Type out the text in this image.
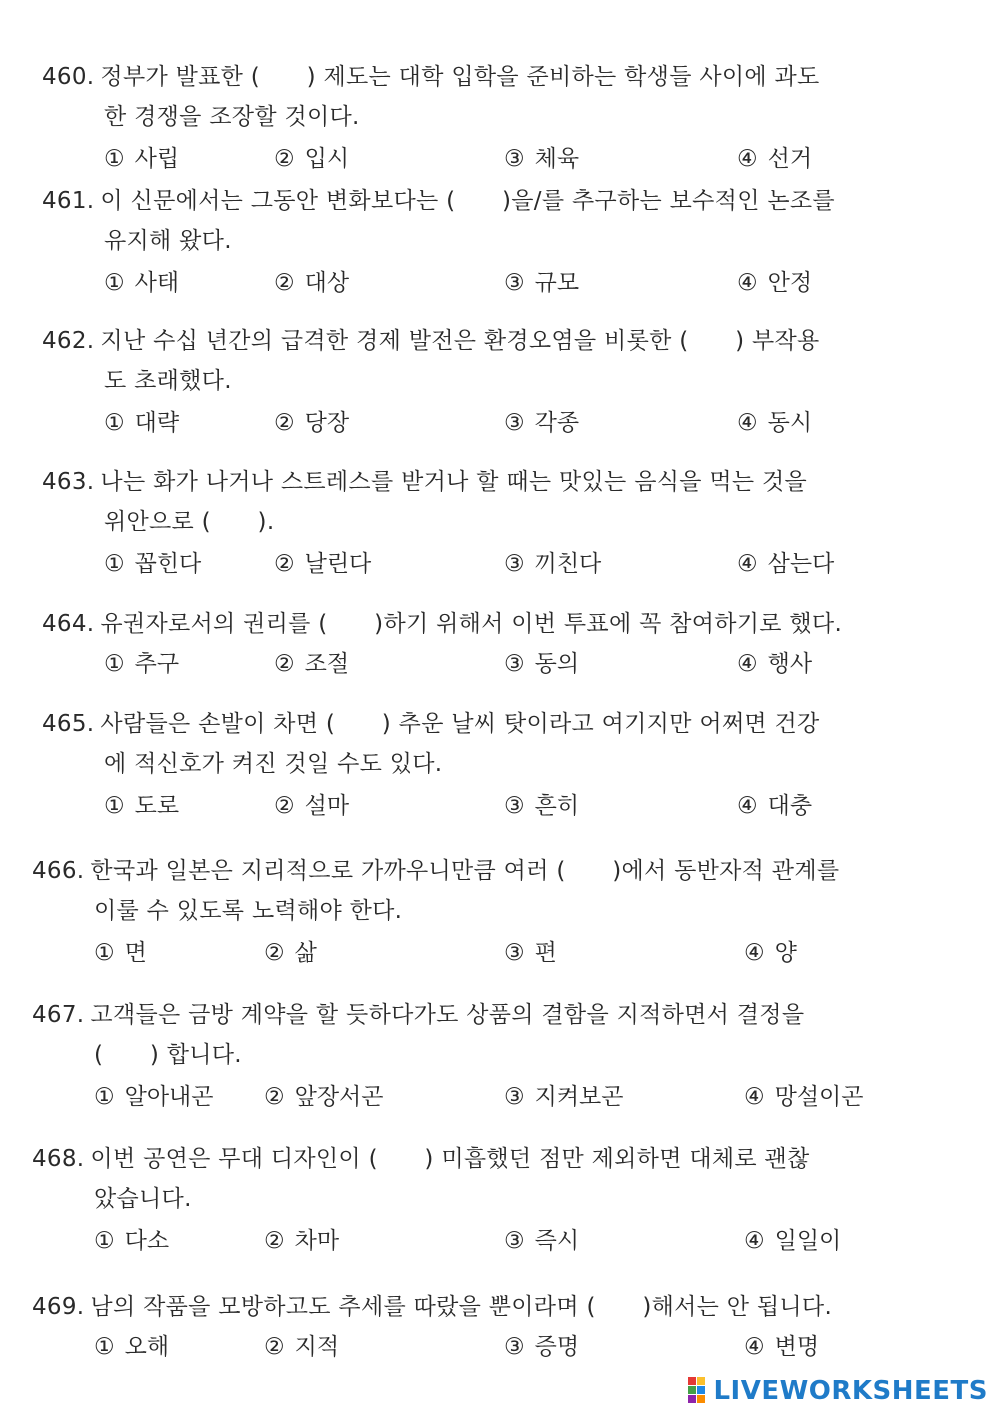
460. 정부가 발표한 (　　) 제도는 대학 입학을 준비하는 학생들 사이에 과도
한 경쟁을 조장할 것이다.
① 사립	② 입시	③ 체육	④ 선거
461. 이 신문에서는 그동안 변화보다는 (　　)을/를 추구하는 보수적인 논조를
유지해 왔다.
① 사태	② 대상	③ 규모	④ 안정
462. 지난 수십 년간의 급격한 경제 발전은 환경오염을 비롯한 (　　) 부작용
도 초래했다.
① 대략	② 당장	③ 각종	④ 동시
463. 나는 화가 나거나 스트레스를 받거나 할 때는 맛있는 음식을 먹는 것을
위안으로 (　　).
① 꼽힌다	② 날린다	③ 끼친다	④ 삼는다
464. 유권자로서의 권리를 (　　)하기 위해서 이번 투표에 꼭 참여하기로 했다.
① 추구	② 조절	③ 동의	④ 행사
465. 사람들은 손발이 차면 (　　) 추운 날씨 탓이라고 여기지만 어쩌면 건강
에 적신호가 켜진 것일 수도 있다.
① 도로	② 설마	③ 흔히	④ 대충
466. 한국과 일본은 지리적으로 가까우니만큼 여러 (　　)에서 동반자적 관계를
이룰 수 있도록 노력해야 한다.
① 면	② 삶	③ 편	④ 양
467. 고객들은 금방 계약을 할 듯하다가도 상품의 결함을 지적하면서 결정을
(　　) 합니다.
① 알아내곤 ② 앞장서곤	③ 지켜보곤	④ 망설이곤
468. 이번 공연은 무대 디자인이 (　　) 미흡했던 점만 제외하면 대체로 괜찮
았습니다.
① 다소	② 차마	③ 즉시	④ 일일이
469. 남의 작품을 모방하고도 추세를 따랐을 뿐이라며 (　　)해서는 안 됩니다.
① 오해	② 지적	③ 증명	④ 변명
LIVEWORKSHEETS
